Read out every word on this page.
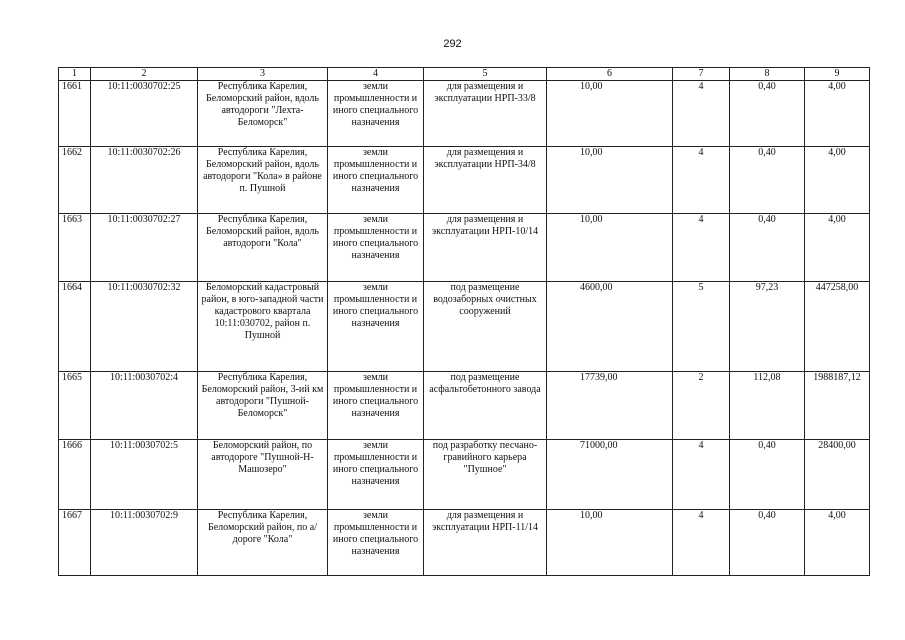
292
1	2	3	4	5	6	7	8	9
1661	10:11:0030702:25	Республика Карелия, Беломорский район, вдоль автодороги "Лехта-Беломорск"	земли промышленности и иного специального назначения	для размещения и эксплуатации НРП-33/8	10,00	4	0,40	4,00
1662	10:11:0030702:26	Республика Карелия, Беломорский район, вдоль автодороги "Кола» в районе п. Пушной	земли промышленности и иного специального назначения	для размещения и эксплуатации НРП-34/8	10,00	4	0,40	4,00
1663	10:11:0030702:27	Республика Карелия, Беломорский район, вдоль автодороги "Кола"	земли промышленности и иного специального назначения	для размещения и эксплуатации НРП-10/14	10,00	4	0,40	4,00
1664	10:11:0030702:32	Беломорский кадастровый район, в юго-западной части кадастрового квартала 10:11:030702, район п. Пушной	земли промышленности и иного специального назначения	под размещение водозаборных очистных сооружений	4600,00	5	97,23	447258,00
1665	10:11:0030702:4	Республика Карелия, Беломорский район, 3-ий км автодороги "Пушной-Беломорск"	земли промышленности и иного специального назначения	под размещение асфальтобетонного завода	17739,00	2	112,08	1988187,12
1666	10:11:0030702:5	Беломорский район, по автодороге "Пушной-Н-Машозеро"	земли промышленности и иного специального назначения	под разработку песчано-гравийного карьера "Пушное"	71000,00	4	0,40	28400,00
1667	10:11:0030702:9	Республика Карелия, Беломорский район, по а/дороге "Кола"	земли промышленности и иного специального назначения	для размещения и эксплуатации НРП-11/14	10,00	4	0,40	4,00
